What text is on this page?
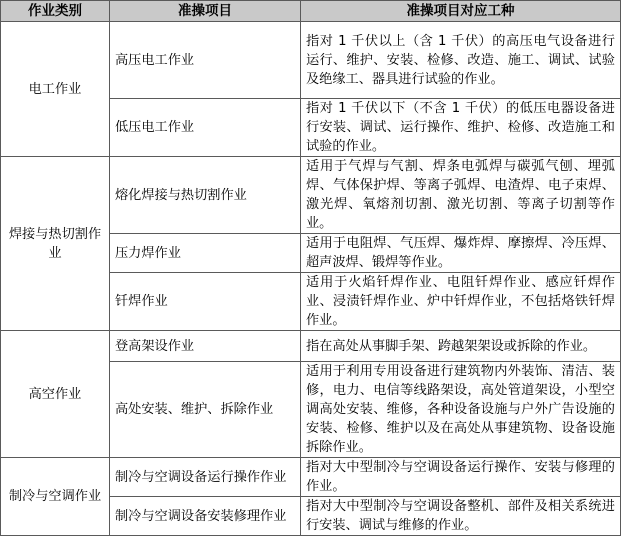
作业类别	准操项目	准操项目对应工种
电工作业	高压电工作业	指对 1 千伏以上（含 1 千伏）的高压电气设备进行运行、维护、安装、检修、改造、施工、调试、试验及绝缘工、器具进行试验的作业。
	低压电工作业	指对 1 千伏以下（不含 1 千伏）的低压电器设备进行安装、调试、运行操作、维护、检修、改造施工和试验的作业。
焊接与热切割作业	熔化焊接与热切割作业	适用于气焊与气割、焊条电弧焊与碳弧气刨、埋弧焊、气体保护焊、等离子弧焊、电渣焊、电子束焊、激光焊、氧熔剂切割、激光切割、等离子切割等作业。
	压力焊作业	适用于电阻焊、气压焊、爆炸焊、摩擦焊、冷压焊、超声波焊、锻焊等作业。
	钎焊作业	适用于火焰钎焊作业、电阻钎焊作业、感应钎焊作业、浸渍钎焊作业、炉中钎焊作业，不包括烙铁钎焊作业。
高空作业	登高架设作业	指在高处从事脚手架、跨越架架设或拆除的作业。
	高处安装、维护、拆除作业	适用于利用专用设备进行建筑物内外装饰、清洁、装修，电力、电信等线路架设，高处管道架设，小型空调高处安装、维修，各种设备设施与户外广告设施的安装、检修、维护以及在高处从事建筑物、设备设施拆除作业。
制冷与空调作业	制冷与空调设备运行操作作业	指对大中型制冷与空调设备运行操作、安装与修理的作业。
	制冷与空调设备安装修理作业	指对大中型制冷与空调设备整机、部件及相关系统进行安装、调试与维修的作业。
